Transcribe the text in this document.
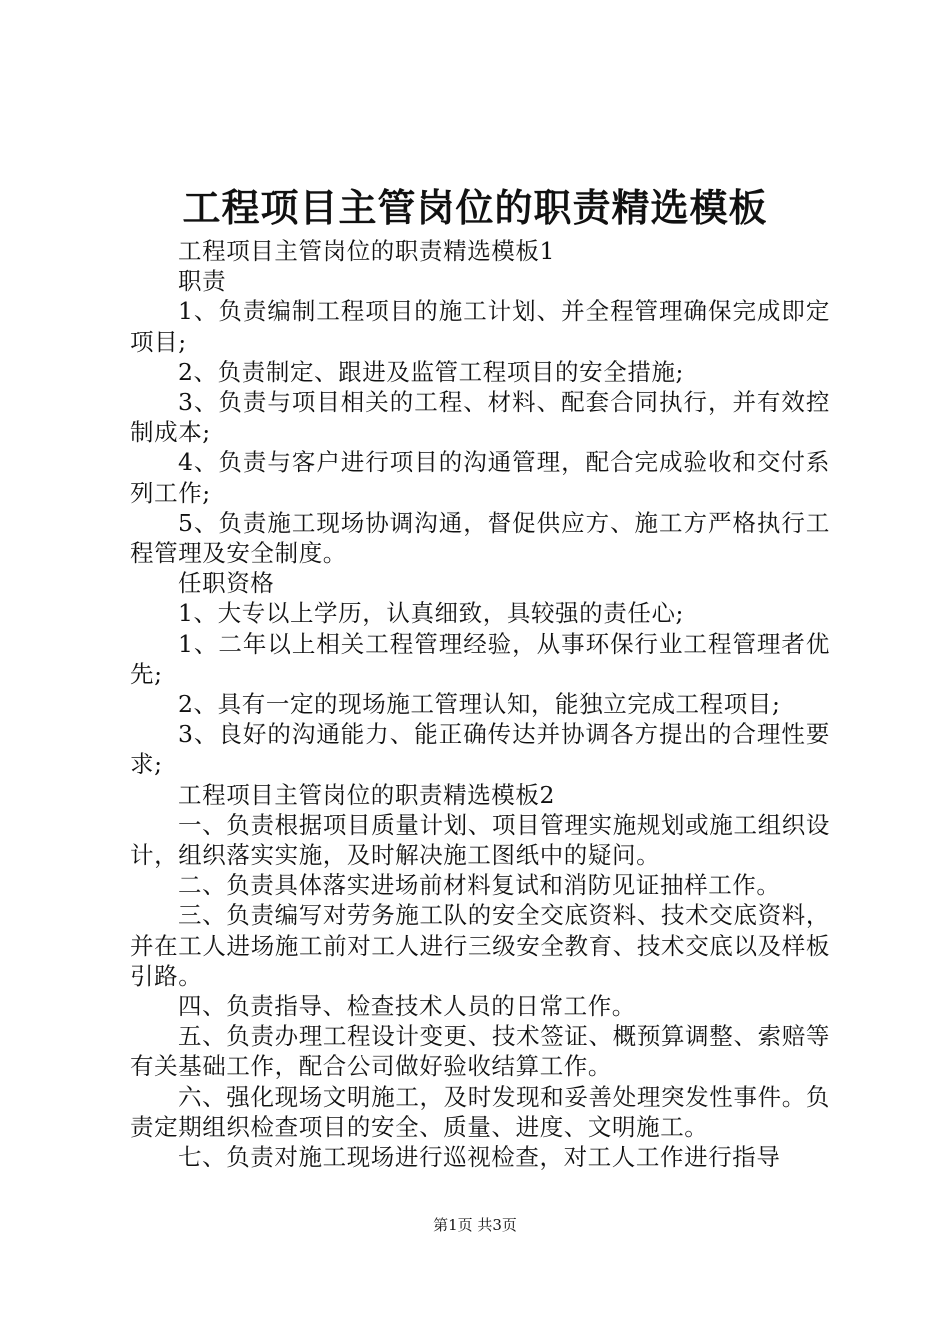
工程项目主管岗位的职责精选模板

工程项目主管岗位的职责精选模板1

职责

1、负责编制工程项目的施工计划、并全程管理确保完成即定项目;

2、负责制定、跟进及监管工程项目的安全措施;

3、负责与项目相关的工程、材料、配套合同执行，并有效控制成本;

4、负责与客户进行项目的沟通管理，配合完成验收和交付系列工作;

5、负责施工现场协调沟通，督促供应方、施工方严格执行工程管理及安全制度。

任职资格

1、大专以上学历，认真细致，具较强的责任心;

1、二年以上相关工程管理经验，从事环保行业工程管理者优先;

2、具有一定的现场施工管理认知，能独立完成工程项目;

3、良好的沟通能力、能正确传达并协调各方提出的合理性要求;

工程项目主管岗位的职责精选模板2

一、负责根据项目质量计划、项目管理实施规划或施工组织设计，组织落实实施，及时解决施工图纸中的疑问。

二、负责具体落实进场前材料复试和消防见证抽样工作。

三、负责编写对劳务施工队的安全交底资料、技术交底资料，并在工人进场施工前对工人进行三级安全教育、技术交底以及样板引路。

四、负责指导、检查技术人员的日常工作。

五、负责办理工程设计变更、技术签证、概预算调整、索赔等有关基础工作，配合公司做好验收结算工作。

六、强化现场文明施工，及时发现和妥善处理突发性事件。负责定期组织检查项目的安全、质量、进度、文明施工。

七、负责对施工现场进行巡视检查，对工人工作进行指导

第1页 共3页
